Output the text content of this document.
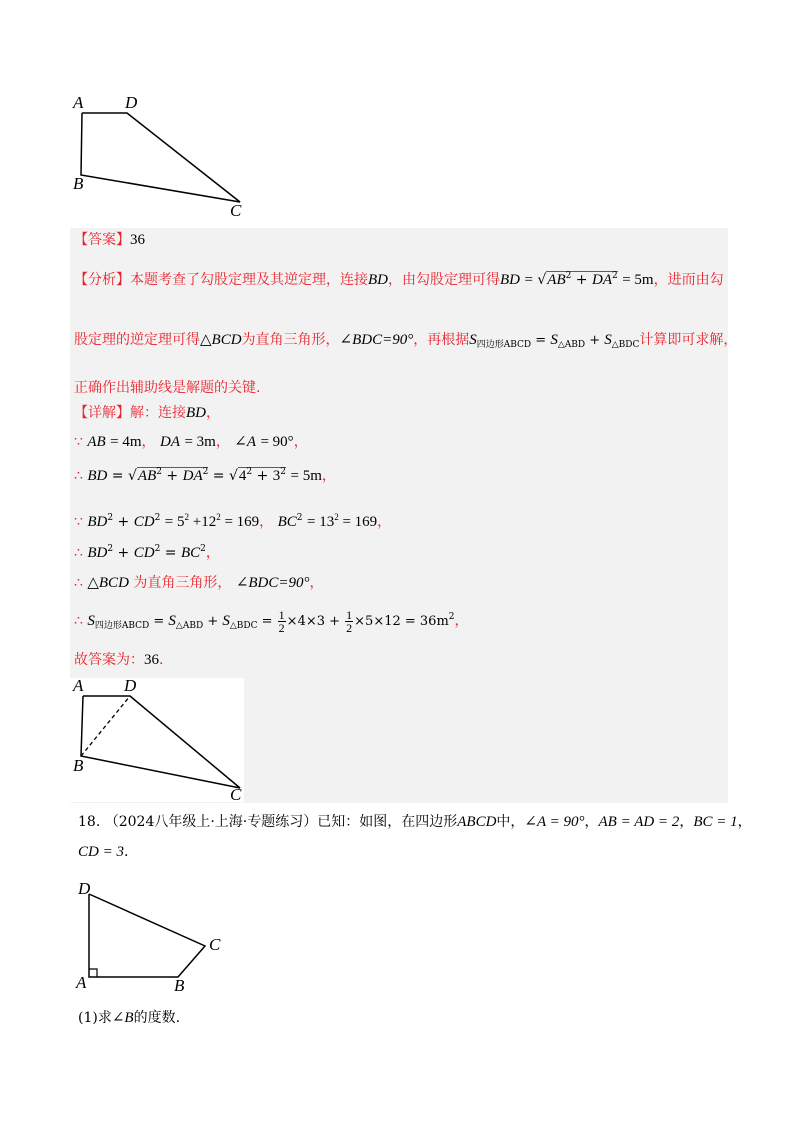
A D
B
C
【答案】36
【分析】本题考查了勾股定理及其逆定理，连接BD，由勾股定理可得BD = $√AB^2 + DA^2 = 5m$，进而由勾
股定理的逆定理可得△BCD为直角三角形，∠BDC=90°，再根据$S_{四边形ABCD} = S_{\triangle ABD} + S_{\triangle BDC}$计算即可求解，
正确作出辅助线是解题的关键.
【详解】解：连接BD，
∵ AB = 4m， DA = 3m， ∠A = 90°，
∴ BD = $√AB^2 + DA^2 = √4^2 + 3^2 = 5m$，
∵ $BD^2 + CD^2 = 5^2 +12^2 = 169$， $BC^2 = 13^2 = 169$，
∴ $BD^2 + CD^2 = BC^2$，
∴ △BCD 为直角三角形， ∠BDC=90°，
∴ $S_{四边形ABCD} = S_{\triangle ABD} + S_{\triangle BDC} = \frac{1}{2} \times 4\times 3 + \frac{1}{2} \times 5\times 12 = 36m^2$，
故答案为：36.
A D
B
C
18. （2024八年级上·上海·专题练习）已知：如图，在四边形ABCD中，∠A = 90°，AB = AD = 2，BC = 1，
CD = 3.
D
C
A	B
(1)求∠B的度数.
